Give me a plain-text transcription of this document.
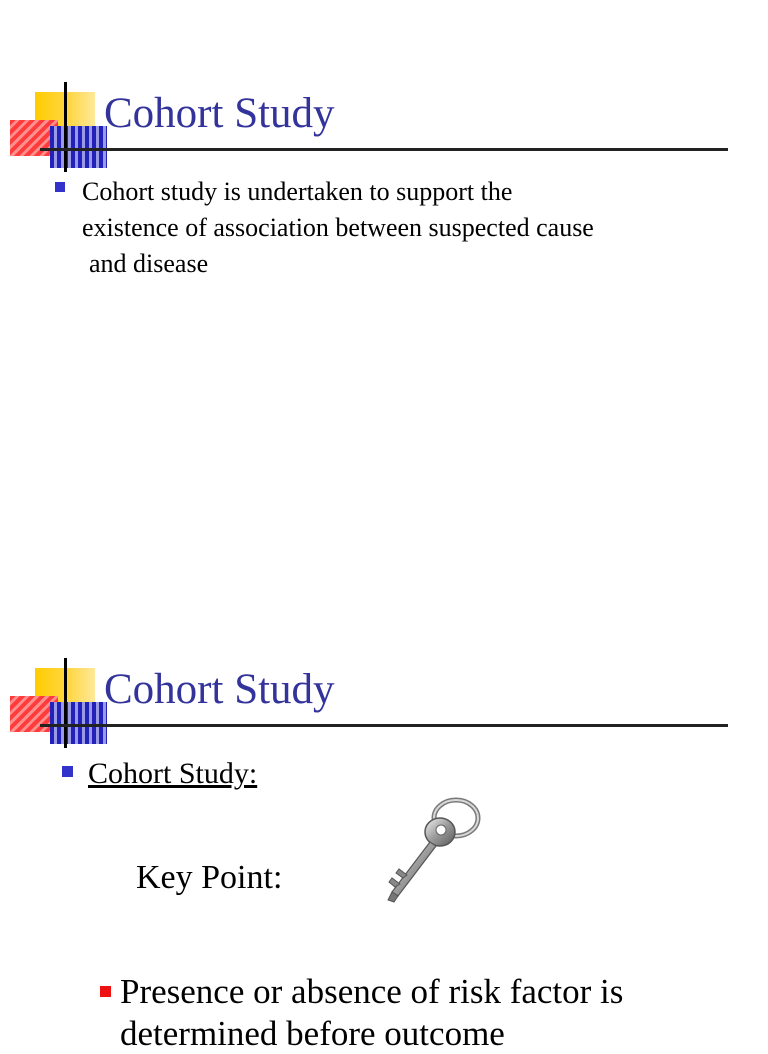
Cohort Study

Cohort study is undertaken to support the
existence of association between suspected cause
and disease

Cohort Study

Cohort Study:

Key Point:

Presence or absence of risk factor is

determined before outcome
